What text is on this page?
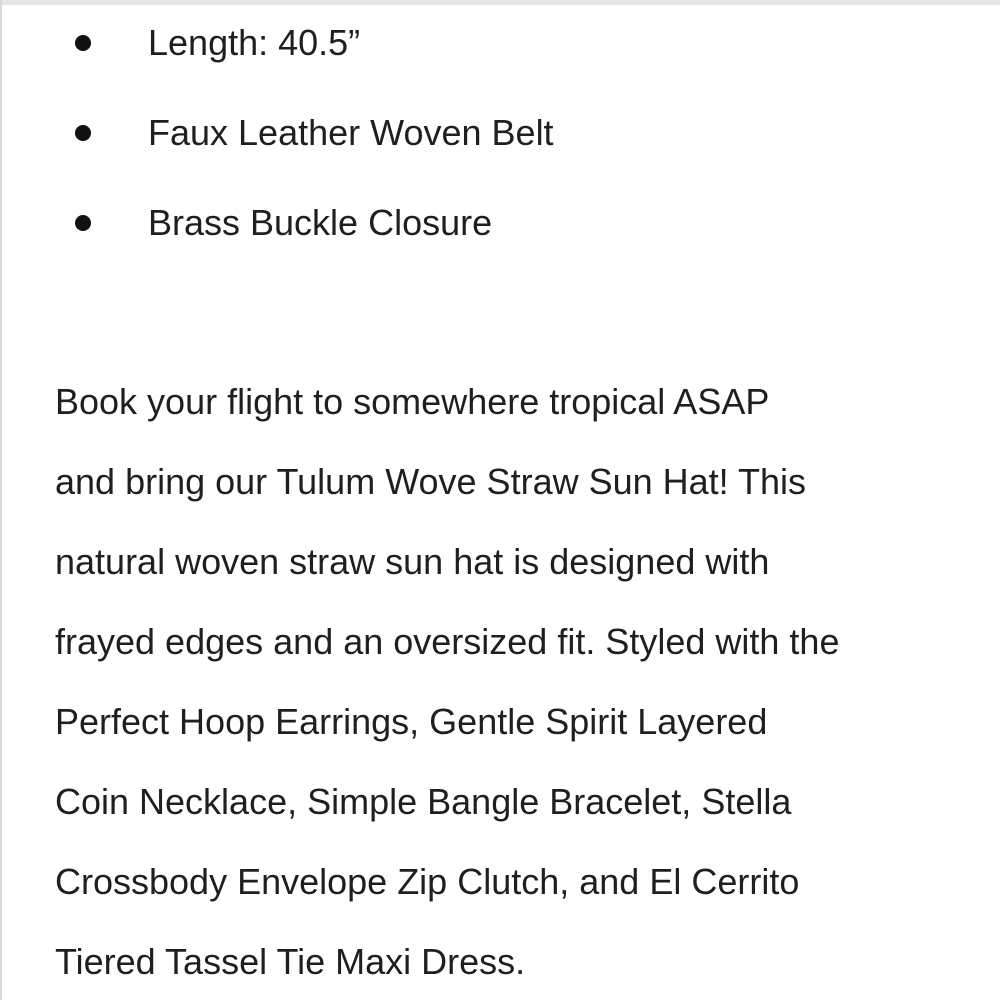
Length: 40.5”
Faux Leather Woven Belt
Brass Buckle Closure

Book your flight to somewhere tropical ASAP
and bring our Tulum Wove Straw Sun Hat! This
natural woven straw sun hat is designed with
frayed edges and an oversized fit. Styled with the
Perfect Hoop Earrings, Gentle Spirit Layered
Coin Necklace, Simple Bangle Bracelet, Stella
Crossbody Envelope Zip Clutch, and El Cerrito
Tiered Tassel Tie Maxi Dress.
